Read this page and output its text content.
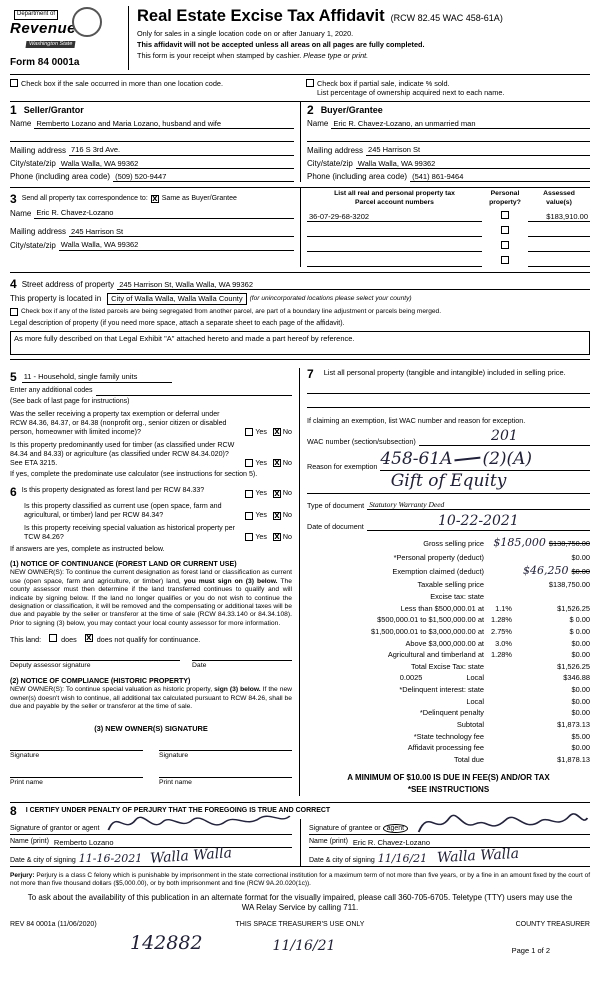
Department of
Revenue
Washington State
Form 84 0001a
Real Estate Excise Tax Affidavit (RCW 82.45 WAC 458-61A)
Only for sales in a single location code on or after January 1, 2020.
This affidavit will not be accepted unless all areas on all pages are fully completed.
This form is your receipt when stamped by cashier. Please type or print.
Check box if the sale occurred in more than one location code.	Check box if partial sale, indicate % sold.
List percentage of ownership acquired next to each name.
1 Seller/Grantor
Name Remberto Lozano and Maria Lozano, husband and wife
Mailing address 716 S 3rd Ave.
City/state/zip Walla Walla, WA 99362
Phone (including area code) (509) 520-9447
2 Buyer/Grantee
Name Eric R. Chavez-Lozano, an unmarried man
Mailing address 245 Harrison St
City/state/zip Walla Walla, WA 99362
Phone (including area code) (541) 861-9464
3 Send all property tax correspondence to: X Same as Buyer/Grantee
Name Eric R. Chavez-Lozano
Mailing address 245 Harrison St
City/state/zip Walla Walla, WA 99362
List all real and personal property tax
Parcel account numbers
Personal
property?
Assessed
value(s)
36-07-29-68-3202	$183,910.00
4 Street address of property 245 Harrison St, Walla Walla, WA 99362
This property is located in	City of Walla Walla, Walla Walla County	(for unincorporated locations please select your county)
Check box if any of the listed parcels are being segregated from another parcel, are part of a boundary line adjustment or parcels being merged.
Legal description of property (if you need more space, attach a separate sheet to each page of the affidavit).
As more fully described on that Legal Exhibit "A" attached hereto and made a part hereof by reference.
5 11 - Household, single family units
Enter any additional codes
(See back of last page for instructions)
Was the seller receiving a property tax exemption or deferral under RCW 84.36, 84.37, or 84.38 (nonprofit org., senior citizen or disabled person, homeowner with limited income)?	Yes X No
Is this property predominantly used for timber (as classified under RCW 84.34 and 84.33) or agriculture (as classified under RCW 84.34.020)? See ETA 3215.	Yes X No
If yes, complete the predominate use calculator (see instructions for section 5).
6 Is this property designated as forest land per RCW 84.33?	Yes X No
Is this property classified as current use (open space, farm and agricultural, or timber) land per RCW 84.34?	Yes X No
Is this property receiving special valuation as historical property per TCW 84.26?	Yes X No
If answers are yes, complete as instructed below.
(1) NOTICE OF CONTINUANCE (FOREST LAND OR CURRENT USE)
NEW OWNER(S): To continue the current designation as forest land or classification as current use (open space, farm and agriculture, or timber) land, you must sign on (3) below. The county assessor must then determine if the land transferred continues to qualify and will indicate by signing below. If the land no longer qualifies or you do not wish to continue the designation or classification, it will be removed and the compensating or additional taxes will be due and payable by the seller or transferor at the time of sale (RCW 84.33.140 or 84.34.108). Prior to signing (3) below, you may contact your local county assessor for more information.
This land:	does X does not qualify for continuance.
Deputy assessor signature	Date
(2) NOTICE OF COMPLIANCE (HISTORIC PROPERTY)
NEW OWNER(S): To continue special valuation as historic property, sign (3) below. If the new owner(s) doesn't wish to continue, all additional tax calculated pursuant to RCW 84.26, shall be due and payable by the seller or transferor at the time of sale.
(3) NEW OWNER(S) SIGNATURE
Signature
Print name
Signature
Print name
7 List all personal property (tangible and intangible) included in selling price.
If claiming an exemption, list WAC number and reason for exception.
WAC number (section/subsection)	201
Reason for exemption 458-61A (2)(A)
Gift of Equity
Type of document Statutory Warranty Deed
Date of document	10-22-2021
Gross selling price $185,000 $138,750.00
*Personal property (deduct)	$0.00
Exemption claimed (deduct)	$46,250 $0.00
Taxable selling price	$138,750.00
Excise tax: state
Less than $500,000.01 at	1.1%	$1,526.25
$500,000.01 to $1,500,000.00 at 1.28%	$ 0.00
$1,500,000.01 to $3,000,000.00 at 2.75%	$ 0.00
Above $3,000,000.00 at	3.0%	$0.00
Agricultural and timberland at 1.28%	$0.00
Total Excise Tax: state	$1,526.25
0.0025	Local	$346.88
*Delinquent interest: state	$0.00
Local	$0.00
*Delinquent penalty	$0.00
Subtotal	$1,873.13
*State technology fee	$5.00
Affidavit processing fee	$0.00
Total due	$1,878.13
A MINIMUM OF $10.00 IS DUE IN FEE(S) AND/OR TAX
*SEE INSTRUCTIONS
8 I CERTIFY UNDER PENALTY OF PERJURY THAT THE FOREGOING IS TRUE AND CORRECT
Signature of grantor or agent
Name (print) Remberto Lozano
Date & city of signing 11-16-2021 Walla Walla
Signature of grantee or agent
Name (print) Eric R. Chavez-Lozano
Date & city of signing 11/16/21 Walla Walla
Perjury: Perjury is a class C felony which is punishable by imprisonment in the state correctional institution for a maximum term of not more than five years, or by a fine in an amount fixed by the court of not more than five thousand dollars ($5,000.00), or by both imprisonment and fine (RCW 9A.20.020(1c)).
To ask about the availability of this publication in an alternate format for the visually impaired, please call 360-705-6705. Teletype (TTY) users may use the WA Relay Service by calling 711.
REV 84 0001a (11/06/2020)	THIS SPACE TREASURER'S USE ONLY	COUNTY TREASURER
142882	11/16/21	Page 1 of 2
